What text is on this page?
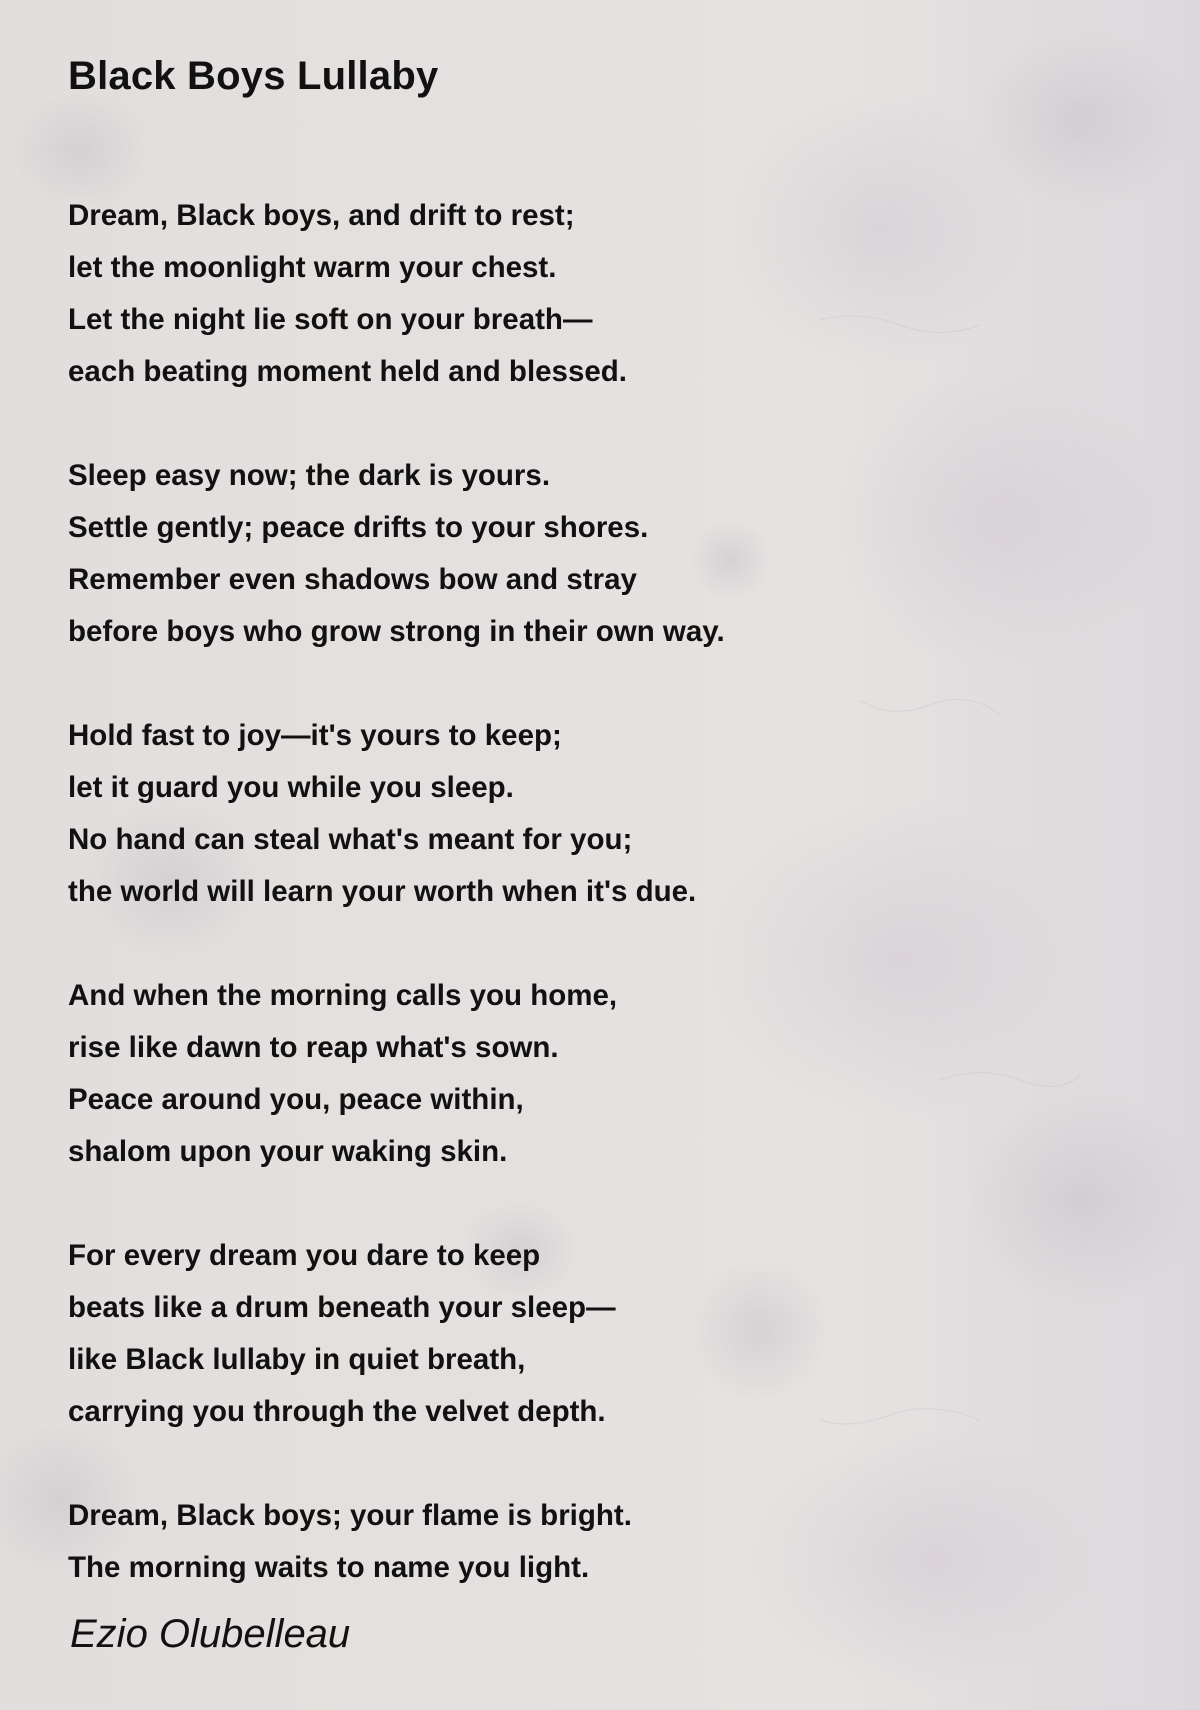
Black Boys Lullaby
Dream, Black boys, and drift to rest;
let the moonlight warm your chest.
Let the night lie soft on your breath—
each beating moment held and blessed.
Sleep easy now; the dark is yours.
Settle gently; peace drifts to your shores.
Remember even shadows bow and stray
before boys who grow strong in their own way.
Hold fast to joy—it's yours to keep;
let it guard you while you sleep.
No hand can steal what's meant for you;
the world will learn your worth when it's due.
And when the morning calls you home,
rise like dawn to reap what's sown.
Peace around you, peace within,
shalom upon your waking skin.
For every dream you dare to keep
beats like a drum beneath your sleep—
like Black lullaby in quiet breath,
carrying you through the velvet depth.
Dream, Black boys; your flame is bright.
The morning waits to name you light.
Ezio Olubelleau
